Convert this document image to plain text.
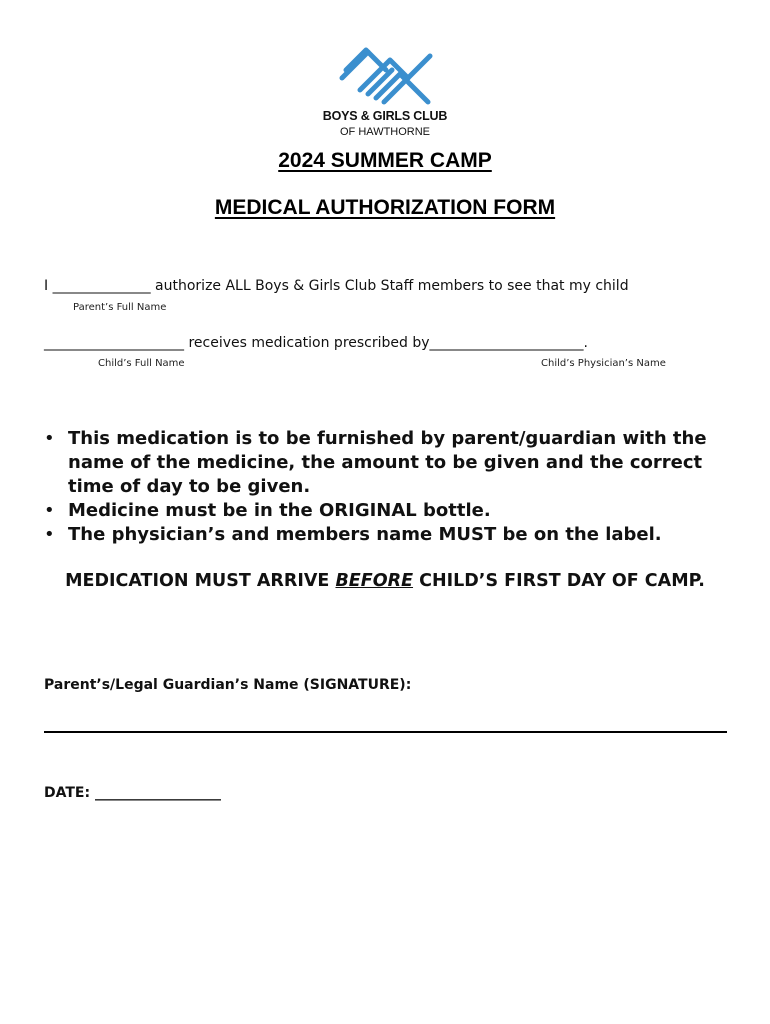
BOYS & GIRLS CLUB
OF HAWTHORNE
2024 SUMMER CAMP
MEDICAL AUTHORIZATION FORM
I ______________ authorize ALL Boys & Girls Club Staff members to see that my child
Parent’s Full Name
____________________ receives medication prescribed by______________________.
Child’s Full Name	Child’s Physician’s Name
• This medication is to be furnished by parent/guardian with the name of the medicine, the amount to be given and the correct time of day to be given.
• Medicine must be in the ORIGINAL bottle.
• The physician’s and members name MUST be on the label.
MEDICATION MUST ARRIVE BEFORE CHILD’S FIRST DAY OF CAMP.
Parent’s/Legal Guardian’s Name (SIGNATURE):
DATE: __________________
